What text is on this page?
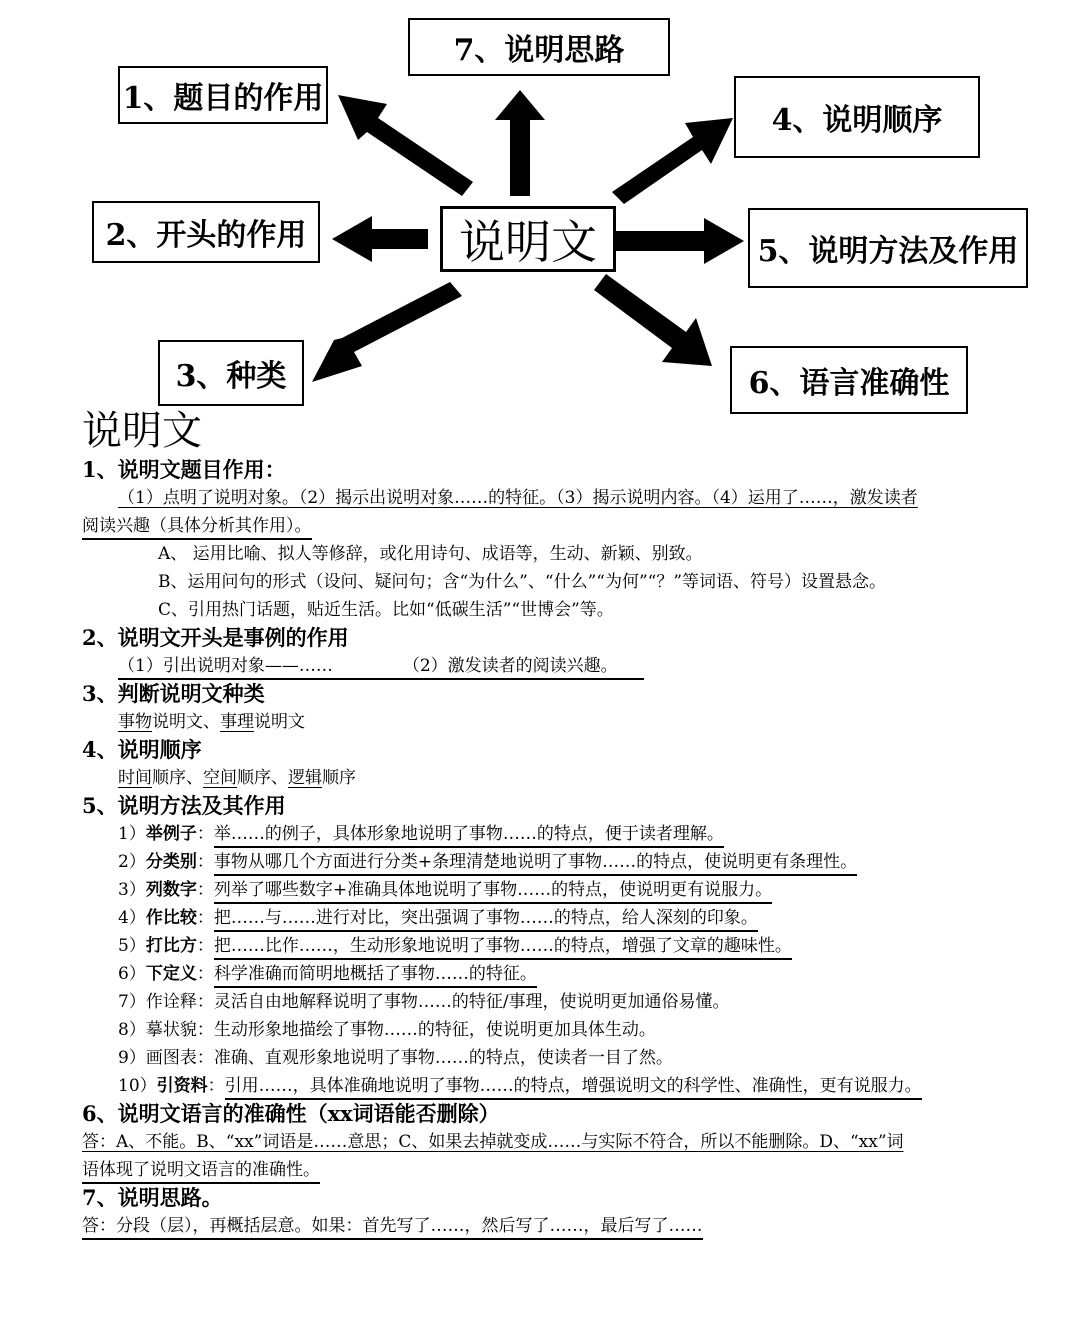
7、说明思路
1、题目的作用
4、说明顺序
2、开头的作用	说明文	5、说明方法及作用
3、种类	6、语言准确性
说明文
1、说明文题目作用：
（1）点明了说明对象。（2）揭示出说明对象……的特征。（3）揭示说明内容。（4）运用了……，激发读者
阅读兴趣（具体分析其作用）。
A、 运用比喻、拟人等修辞，或化用诗句、成语等，生动、新颖、别致。
B、运用问句的形式（设问、疑问句；含“为什么”、“什么”“为何”“？”等词语、符号）设置悬念。
C、引用热门话题，贴近生活。比如“低碳生活”“世博会”等。
2、说明文开头是事例的作用
（1）引出说明对象——……	（2）激发读者的阅读兴趣。
3、判断说明文种类
事物说明文、事理说明文
4、说明顺序
时间顺序、空间顺序、逻辑顺序
5、说明方法及其作用
1）举例子：举……的例子，具体形象地说明了事物……的特点，便于读者理解。
2）分类别：事物从哪几个方面进行分类+条理清楚地说明了事物……的特点，使说明更有条理性。
3）列数字：列举了哪些数字+准确具体地说明了事物……的特点，使说明更有说服力。
4）作比较：把……与……进行对比，突出强调了事物……的特点，给人深刻的印象。
5）打比方：把……比作……，生动形象地说明了事物……的特点，增强了文章的趣味性。
6）下定义：科学准确而简明地概括了事物……的特征。
7）作诠释：灵活自由地解释说明了事物……的特征/事理，使说明更加通俗易懂。
8）摹状貌：生动形象地描绘了事物……的特征，使说明更加具体生动。
9）画图表：准确、直观形象地说明了事物……的特点，使读者一目了然。
10）引资料：引用……，具体准确地说明了事物……的特点，增强说明文的科学性、准确性，更有说服力。
6、说明文语言的准确性（xx词语能否删除）
答：A、不能。B、“xx”词语是……意思；C、如果去掉就变成……与实际不符合，所以不能删除。D、“xx”词
语体现了说明文语言的准确性。
7、说明思路。
答：分段（层），再概括层意。如果：首先写了……，然后写了……，最后写了……
